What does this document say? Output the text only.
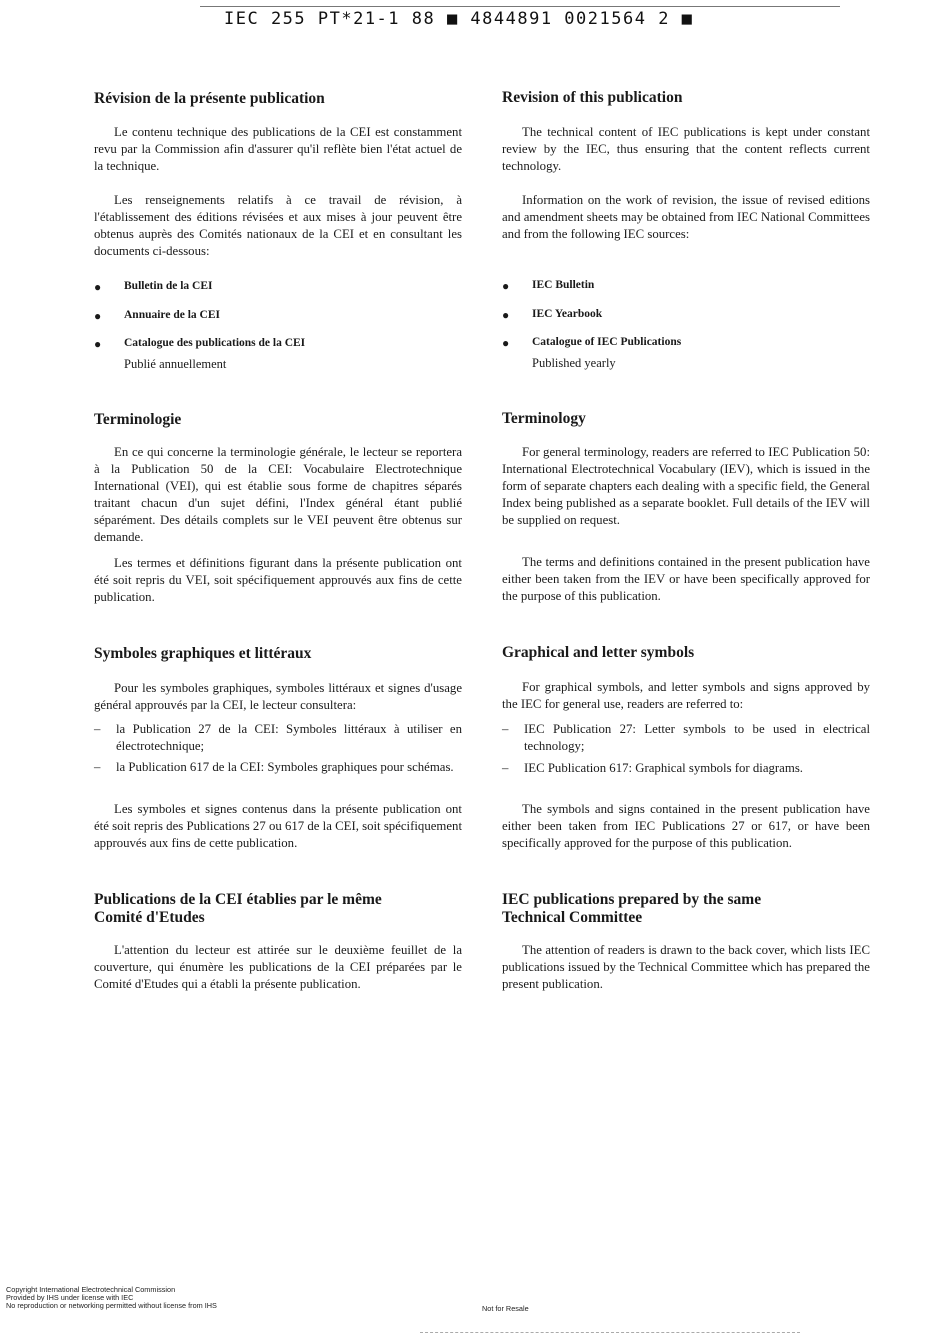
IEC 255 PT*21-1 88 ■ 4844891 0021564 2 ■
Révision de la présente publication

Le contenu technique des publications de la CEI est constamment revu par la Commission afin d'assurer qu'il reflète bien l'état actuel de la technique.

Les renseignements relatifs à ce travail de révision, à l'établissement des éditions révisées et aux mises à jour peuvent être obtenus auprès des Comités nationaux de la CEI et en consultant les documents ci-dessous:

● Bulletin de la CEI
● Annuaire de la CEI
● Catalogue des publications de la CEI
Publié annuellement
Terminologie

En ce qui concerne la terminologie générale, le lecteur se reportera à la Publication 50 de la CEI: Vocabulaire Electrotechnique International (VEI), qui est établie sous forme de chapitres séparés traitant chacun d'un sujet défini, l'Index général étant publié séparément. Des détails complets sur le VEI peuvent être obtenus sur demande.

Les termes et définitions figurant dans la présente publication ont été soit repris du VEI, soit spécifiquement approuvés aux fins de cette publication.

Symboles graphiques et littéraux

Pour les symboles graphiques, symboles littéraux et signes d'usage général approuvés par la CEI, le lecteur consultera:

– la Publication 27 de la CEI: Symboles littéraux à utiliser en électrotechnique;
– la Publication 617 de la CEI: Symboles graphiques pour schémas.

Les symboles et signes contenus dans la présente publication ont été soit repris des Publications 27 ou 617 de la CEI, soit spécifiquement approuvés aux fins de cette publication.

Publications de la CEI établies par le même
Comité d'Etudes

L'attention du lecteur est attirée sur le deuxième feuillet de la couverture, qui énumère les publications de la CEI préparées par le Comité d'Etudes qui a établi la présente publication.

Revision of this publication

The technical content of IEC publications is kept under constant review by the IEC, thus ensuring that the content reflects current technology.

Information on the work of revision, the issue of revised editions and amendment sheets may be obtained from IEC National Committees and from the following IEC sources:

● IEC Bulletin
● IEC Yearbook
● Catalogue of IEC Publications
Published yearly
Terminology

For general terminology, readers are referred to IEC Publication 50: International Electrotechnical Vocabulary (IEV), which is issued in the form of separate chapters each dealing with a specific field, the General Index being published as a separate booklet. Full details of the IEV will be supplied on request.

The terms and definitions contained in the present publication have either been taken from the IEV or have been specifically approved for the purpose of this publication.

Graphical and letter symbols

For graphical symbols, and letter symbols and signs approved by the IEC for general use, readers are referred to:

– IEC Publication 27: Letter symbols to be used in electrical technology;
– IEC Publication 617: Graphical symbols for diagrams.

The symbols and signs contained in the present publication have either been taken from IEC Publications 27 or 617, or have been specifically approved for the purpose of this publication.

IEC publications prepared by the same
Technical Committee

The attention of readers is drawn to the back cover, which lists IEC publications issued by the Technical Committee which has prepared the present publication.

Copyright International Electrotechnical Commission
Provided by IHS under license with IEC
No reproduction or networking permitted without license from IHS	Not for Resale
